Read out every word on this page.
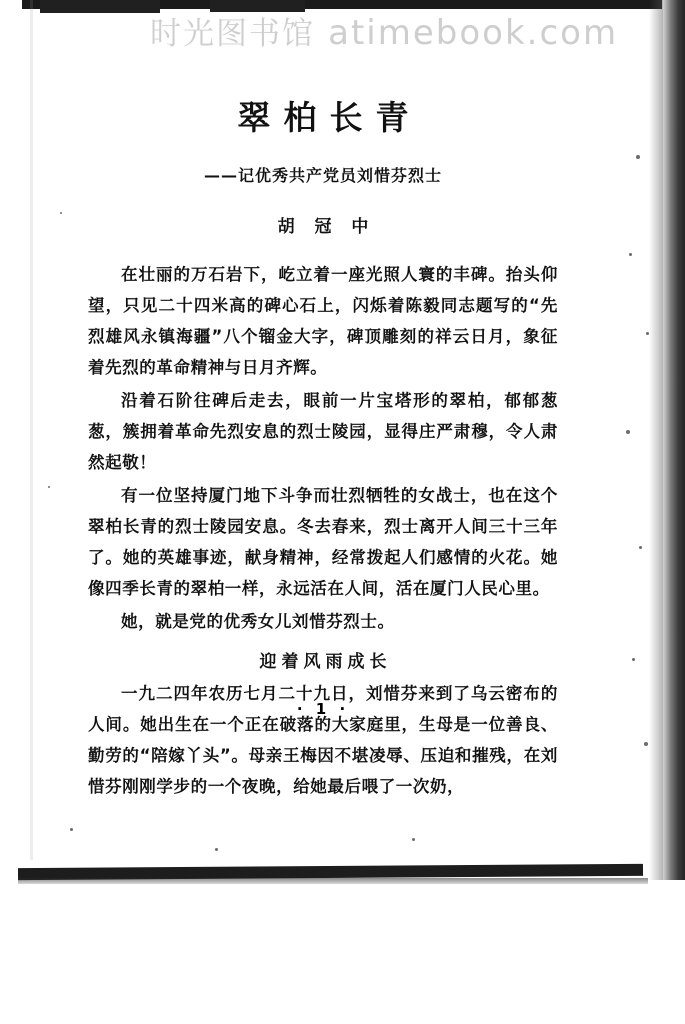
时光图书馆 atimebook.com
翠柏长青
——记优秀共产党员刘惜芬烈士
胡 冠 中

在壮丽的万石岩下，屹立着一座光照人寰的丰碑。抬头仰望，只见二十四米高的碑心石上，闪烁着陈毅同志题写的“先烈雄风永镇海疆”八个镏金大字，碑顶雕刻的祥云日月，象征着先烈的革命精神与日月齐辉。

沿着石阶往碑后走去，眼前一片宝塔形的翠柏，郁郁葱葱，簇拥着革命先烈安息的烈士陵园，显得庄严肃穆，令人肃然起敬！

有一位坚持厦门地下斗争而壮烈牺牲的女战士，也在这个翠柏长青的烈士陵园安息。冬去春来，烈士离开人间三十三年了。她的英雄事迹，献身精神，经常拨起人们感情的火花。她像四季长青的翠柏一样，永远活在人间，活在厦门人民心里。

她，就是党的优秀女儿刘惜芬烈士。

迎着风雨成长

一九二四年农历七月二十九日，刘惜芬来到了乌云密布的人间。她出生在一个正在破落的大家庭里，生母是一位善良、勤劳的“陪嫁丫头”。母亲王梅因不堪凌辱、压迫和摧残，在刘惜芬刚刚学步的一个夜晚，给她最后喂了一次奶，

· 1 ·
